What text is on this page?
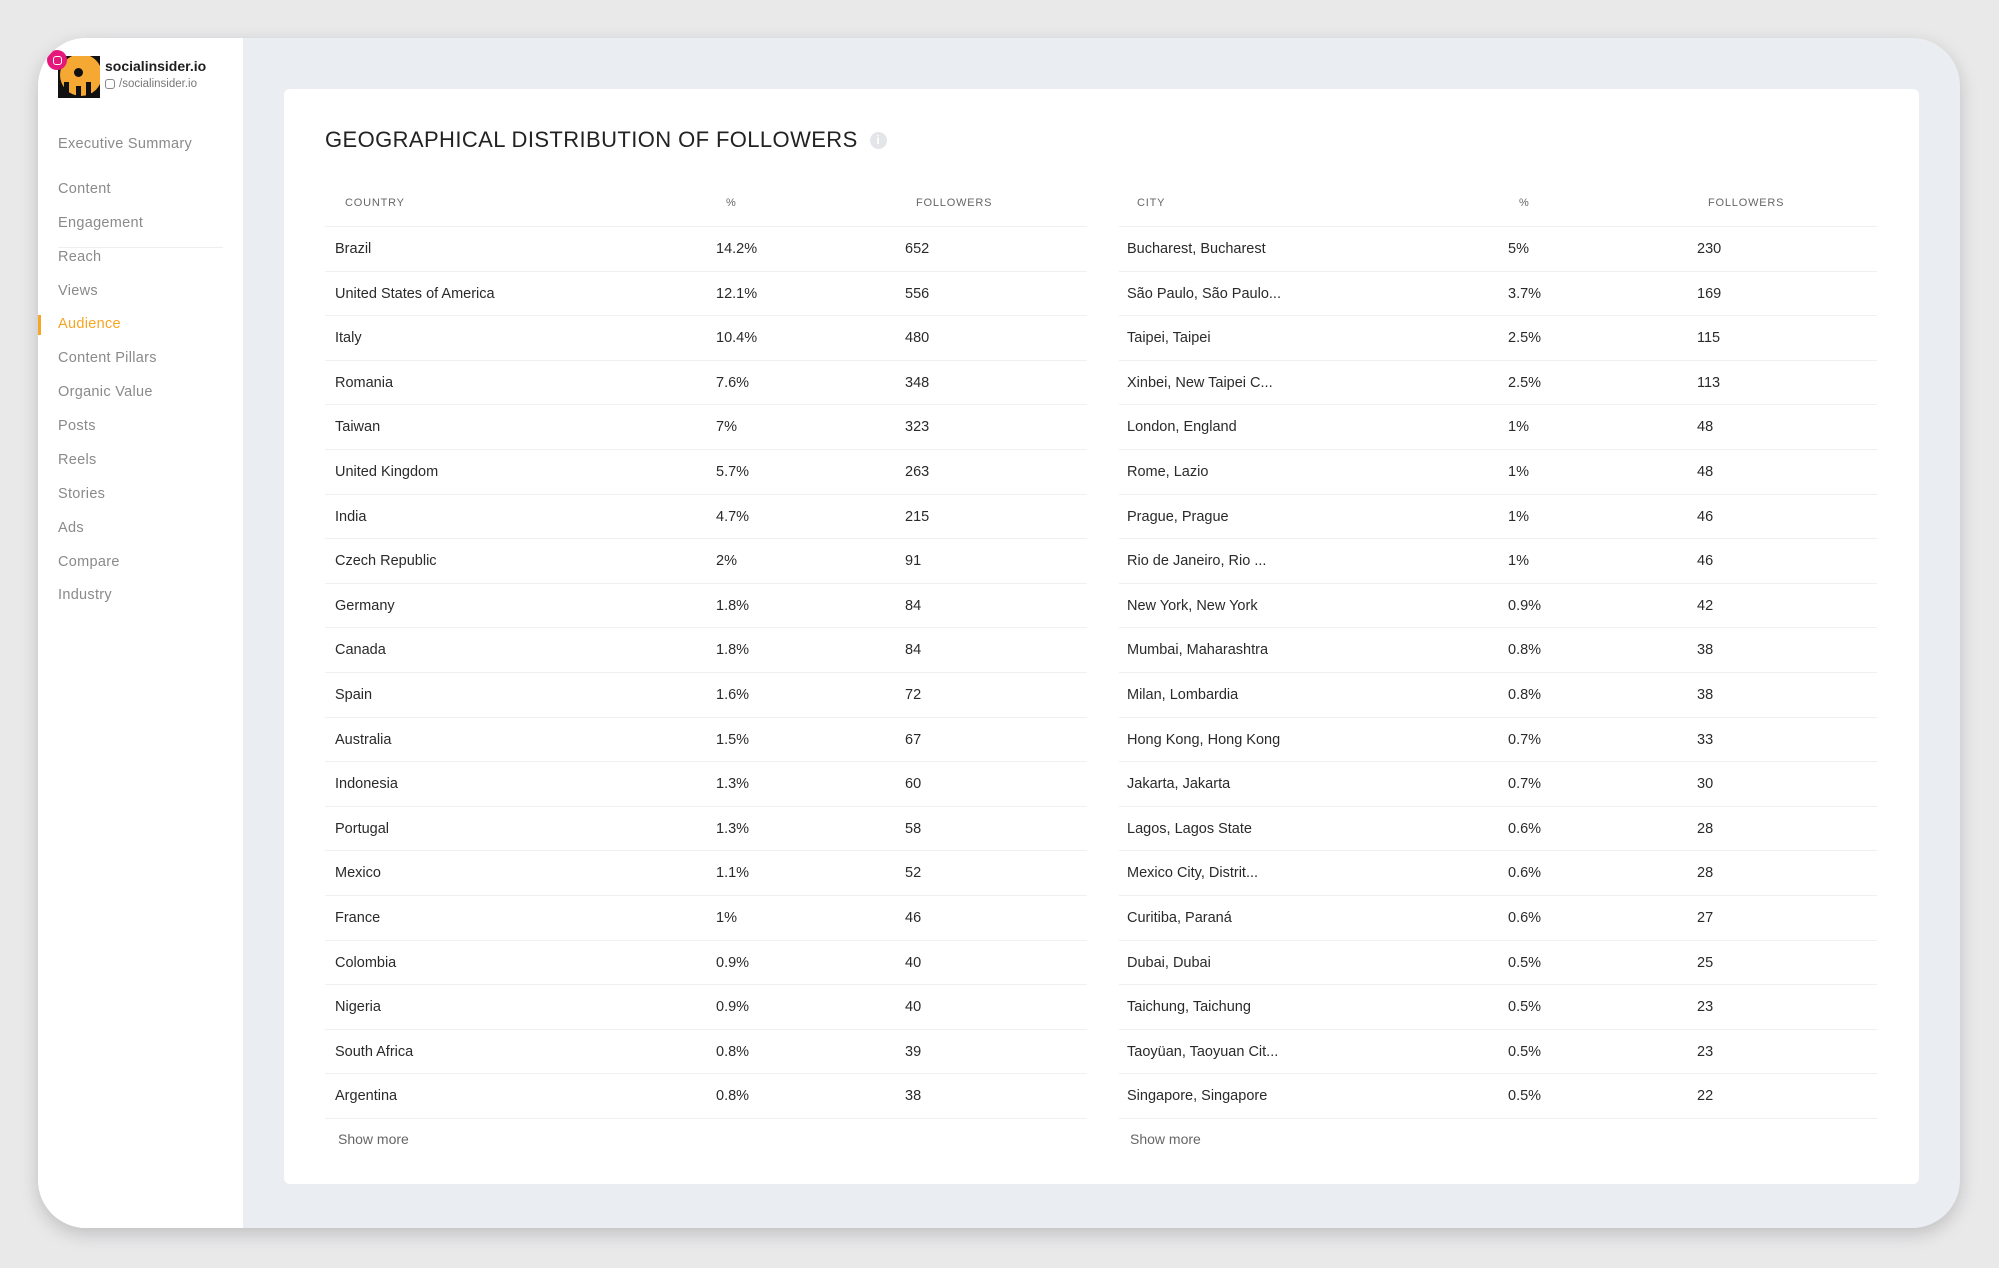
socialinsider.io
/socialinsider.io
Executive Summary
Content
Engagement
Reach
Views
Audience
Content Pillars
Organic Value
Posts
Reels
Stories
Ads
Compare
Industry
GEOGRAPHICAL DISTRIBUTION OF FOLLOWERS	i
COUNTRY	%	FOLLOWERS
Brazil	14.2%	652
United States of America	12.1%	556
Italy	10.4%	480
Romania	7.6%	348
Taiwan	7%	323
United Kingdom	5.7%	263
India	4.7%	215
Czech Republic	2%	91
Germany	1.8%	84
Canada	1.8%	84
Spain	1.6%	72
Australia	1.5%	67
Indonesia	1.3%	60
Portugal	1.3%	58
Mexico	1.1%	52
France	1%	46
Colombia	0.9%	40
Nigeria	0.9%	40
South Africa	0.8%	39
Argentina	0.8%	38
Show more
CITY	%	FOLLOWERS
Bucharest, Bucharest	5%	230
São Paulo, São Paulo...	3.7%	169
Taipei, Taipei	2.5%	115
Xinbei, New Taipei C...	2.5%	113
London, England	1%	48
Rome, Lazio	1%	48
Prague, Prague	1%	46
Rio de Janeiro, Rio ...	1%	46
New York, New York	0.9%	42
Mumbai, Maharashtra	0.8%	38
Milan, Lombardia	0.8%	38
Hong Kong, Hong Kong	0.7%	33
Jakarta, Jakarta	0.7%	30
Lagos, Lagos State	0.6%	28
Mexico City, Distrit...	0.6%	28
Curitiba, Paraná	0.6%	27
Dubai, Dubai	0.5%	25
Taichung, Taichung	0.5%	23
Taoyüan, Taoyuan Cit...	0.5%	23
Singapore, Singapore	0.5%	22
Show more
